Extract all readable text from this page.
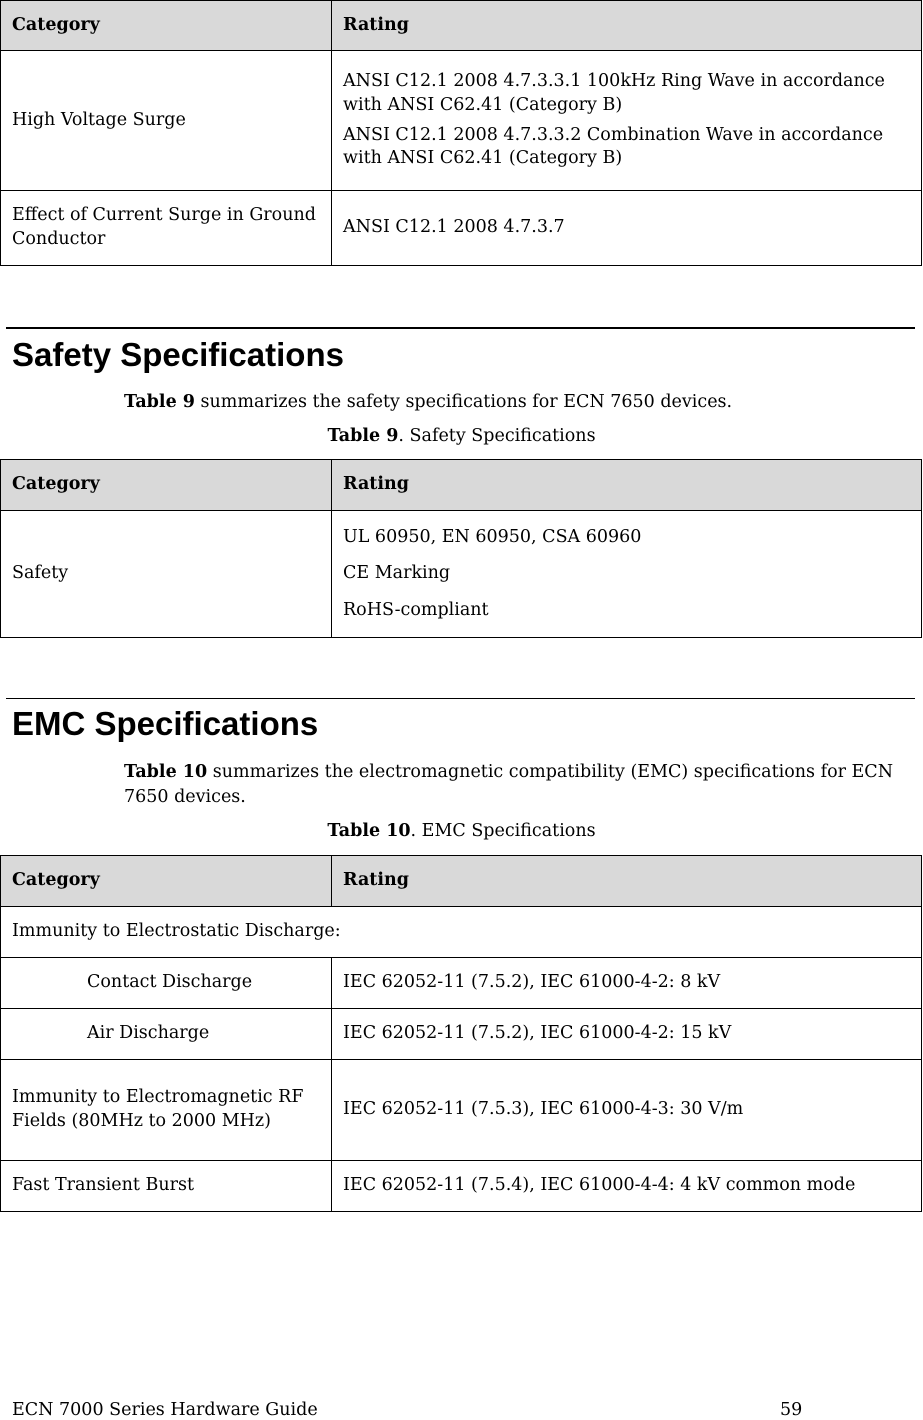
Category	Rating
High Voltage Surge	ANSI C12.1 2008 4.7.3.3.1 100kHz Ring Wave in accordance with ANSI C62.41 (Category B)

ANSI C12.1 2008 4.7.3.3.2 Combination Wave in accordance with ANSI C62.41 (Category B)

Effect of Current Surge in Ground Conductor	ANSI C12.1 2008 4.7.3.7
Safety Specifications

Table 9 summarizes the safety specifications for ECN 7650 devices.

Table 9. Safety Specifications

Category	Rating
Safety	UL 60950, EN 60950, CSA 60960

CE Marking

RoHS-compliant

EMC Specifications

Table 10 summarizes the electromagnetic compatibility (EMC) specifications for ECN 7650 devices.

Table 10. EMC Specifications

Category	Rating
Immunity to Electrostatic Discharge:	
Contact Discharge	IEC 62052-11 (7.5.2), IEC 61000-4-2: 8 kV
Air Discharge	IEC 62052-11 (7.5.2), IEC 61000-4-2: 15 kV
Immunity to Electromagnetic RF Fields (80MHz to 2000 MHz)	IEC 62052-11 (7.5.3), IEC 61000-4-3: 30 V/m
Fast Transient Burst	IEC 62052-11 (7.5.4), IEC 61000-4-4: 4 kV common mode

ECN 7000 Series Hardware Guide	59
